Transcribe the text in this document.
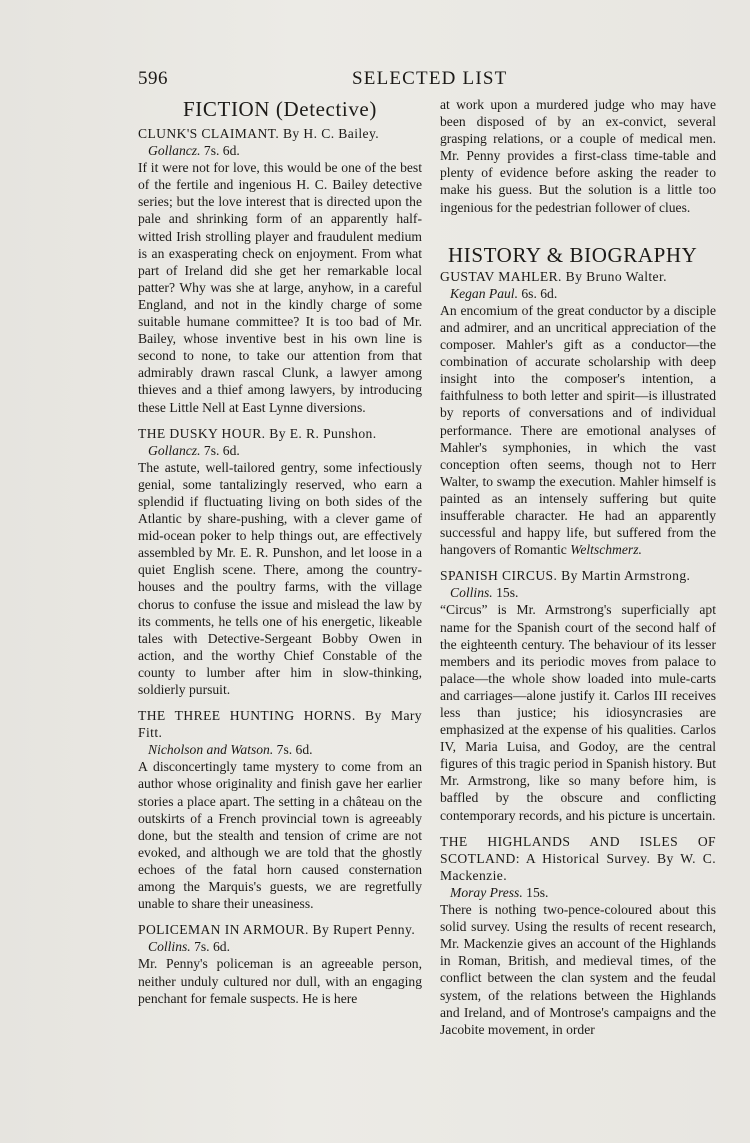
596	SELECTED LIST
FICTION (Detective)
CLUNK'S CLAIMANT. By H. C. Bailey.
Gollancz. 7s. 6d.
If it were not for love, this would be one of the best of the fertile and ingenious H. C. Bailey detective series; but the love interest that is directed upon the pale and shrinking form of an apparently half-witted Irish strolling player and fraudulent medium is an exasperating check on enjoyment. From what part of Ireland did she get her remarkable local patter? Why was she at large, anyhow, in a careful England, and not in the kindly charge of some suitable humane committee? It is too bad of Mr. Bailey, whose inventive best in his own line is second to none, to take our attention from that admirably drawn rascal Clunk, a lawyer among thieves and a thief among lawyers, by introducing these Little Nell at East Lynne diversions.
THE DUSKY HOUR. By E. R. Punshon.
Gollancz. 7s. 6d.
The astute, well-tailored gentry, some infectiously genial, some tantalizingly reserved, who earn a splendid if fluctuating living on both sides of the Atlantic by share-pushing, with a clever game of mid-ocean poker to help things out, are effectively assembled by Mr. E. R. Punshon, and let loose in a quiet English scene. There, among the country-houses and the poultry farms, with the village chorus to confuse the issue and mislead the law by its comments, he tells one of his energetic, likeable tales with Detective-Sergeant Bobby Owen in action, and the worthy Chief Constable of the county to lumber after him in slow-thinking, soldierly pursuit.
THE THREE HUNTING HORNS. By Mary Fitt.
Nicholson and Watson. 7s. 6d.
A disconcertingly tame mystery to come from an author whose originality and finish gave her earlier stories a place apart. The setting in a château on the outskirts of a French provincial town is agreeably done, but the stealth and tension of crime are not evoked, and although we are told that the ghostly echoes of the fatal horn caused consternation among the Marquis's guests, we are regretfully unable to share their uneasiness.
POLICEMAN IN ARMOUR. By Rupert Penny.
Collins. 7s. 6d.
Mr. Penny's policeman is an agreeable person, neither unduly cultured nor dull, with an engaging penchant for female suspects. He is here
at work upon a murdered judge who may have been disposed of by an ex-convict, several grasping relations, or a couple of medical men. Mr. Penny provides a first-class time-table and plenty of evidence before asking the reader to make his guess. But the solution is a little too ingenious for the pedestrian follower of clues.
HISTORY & BIOGRAPHY
GUSTAV MAHLER. By Bruno Walter.
Kegan Paul. 6s. 6d.
An encomium of the great conductor by a disciple and admirer, and an uncritical appreciation of the composer. Mahler's gift as a conductor—the combination of accurate scholarship with deep insight into the composer's intention, a faithfulness to both letter and spirit—is illustrated by reports of conversations and of individual performance. There are emotional analyses of Mahler's symphonies, in which the vast conception often seems, though not to Herr Walter, to swamp the execution. Mahler himself is painted as an intensely suffering but quite insufferable character. He had an apparently successful and happy life, but suffered from the hangovers of Romantic Weltschmerz.
SPANISH CIRCUS. By Martin Armstrong.
Collins. 15s.
“Circus” is Mr. Armstrong's superficially apt name for the Spanish court of the second half of the eighteenth century. The behaviour of its lesser members and its periodic moves from palace to palace—the whole show loaded into mule-carts and carriages—alone justify it. Carlos III receives less than justice; his idiosyncrasies are emphasized at the expense of his qualities. Carlos IV, Maria Luisa, and Godoy, are the central figures of this tragic period in Spanish history. But Mr. Armstrong, like so many before him, is baffled by the obscure and conflicting contemporary records, and his picture is uncertain.
THE HIGHLANDS AND ISLES OF SCOTLAND: A Historical Survey. By W. C. Mackenzie.
Moray Press. 15s.
There is nothing two-pence-coloured about this solid survey. Using the results of recent research, Mr. Mackenzie gives an account of the Highlands in Roman, British, and medieval times, of the conflict between the clan system and the feudal system, of the relations between the Highlands and Ireland, and of Montrose's campaigns and the Jacobite movement, in order
